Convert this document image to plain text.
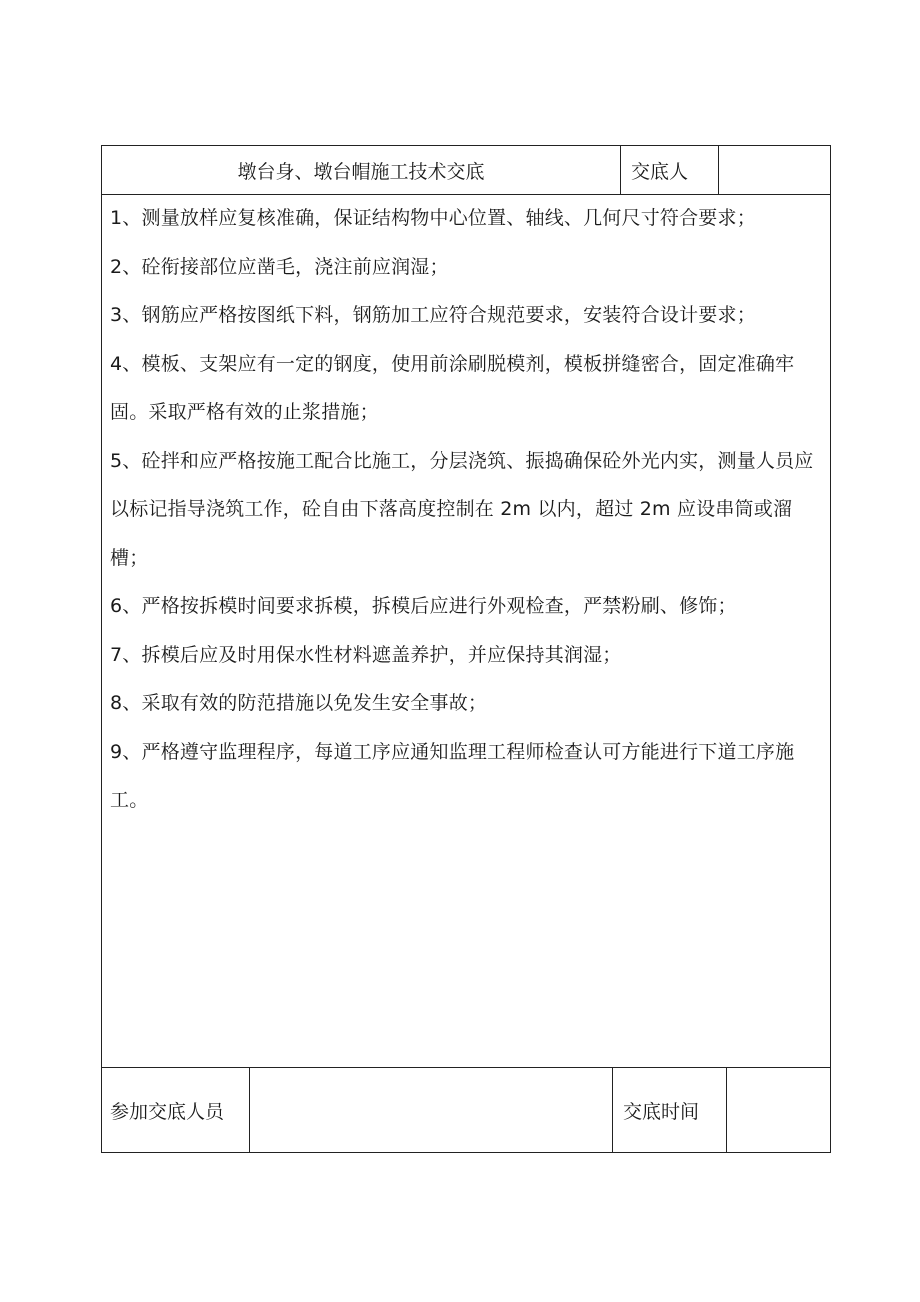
墩台身、墩台帽施工技术交底	交底人

1、测量放样应复核准确，保证结构物中心位置、轴线、几何尺寸符合要求；

2、砼衔接部位应凿毛，浇注前应润湿；

3、钢筋应严格按图纸下料，钢筋加工应符合规范要求，安装符合设计要求；

4、模板、支架应有一定的钢度，使用前涂刷脱模剂，模板拼缝密合，固定准确牢固。采取严格有效的止浆措施；

5、砼拌和应严格按施工配合比施工，分层浇筑、振捣确保砼外光内实，测量人员应以标记指导浇筑工作，砼自由下落高度控制在 2m 以内，超过 2m 应设串筒或溜槽；

6、严格按拆模时间要求拆模，拆模后应进行外观检查，严禁粉刷、修饰；

7、拆模后应及时用保水性材料遮盖养护，并应保持其润湿；

8、采取有效的防范措施以免发生安全事故；

9、严格遵守监理程序，每道工序应通知监理工程师检查认可方能进行下道工序施工。

参加交底人员	交底时间
